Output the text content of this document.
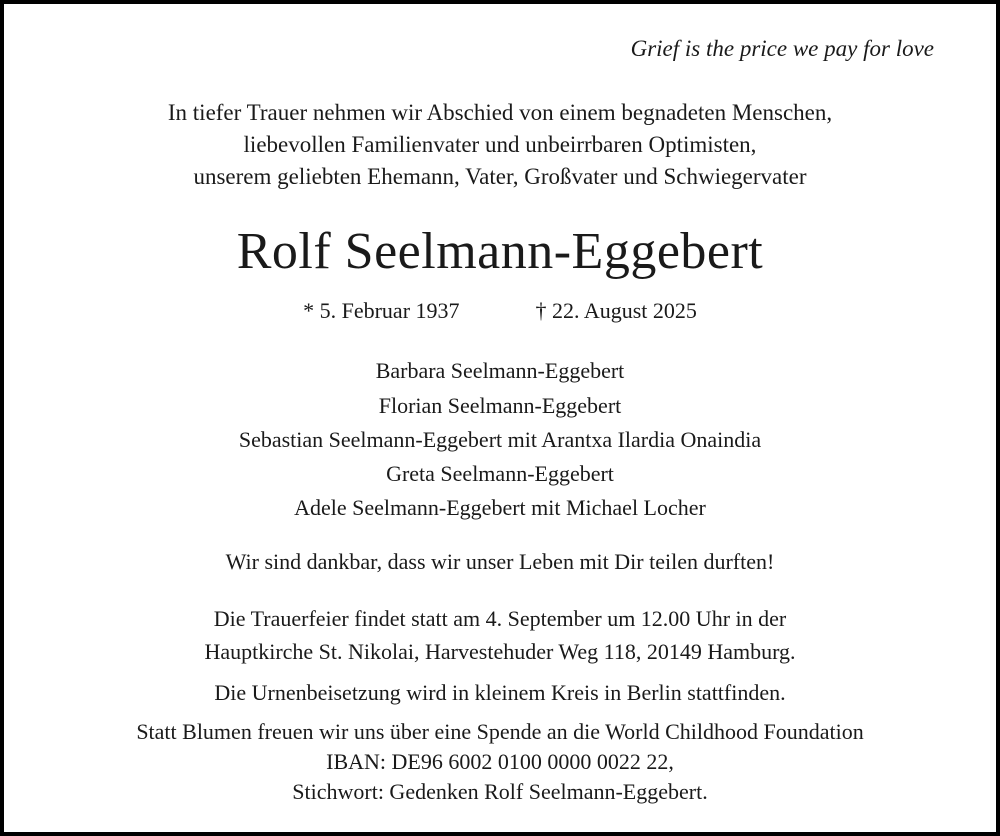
Grief is the price we pay for love
In tiefer Trauer nehmen wir Abschied von einem begnadeten Menschen,
liebevollen Familienvater und unbeirrbaren Optimisten,
unserem geliebten Ehemann, Vater, Großvater und Schwiegervater
Rolf Seelmann-Eggebert
* 5. Februar 1937	† 22. August 2025
Barbara Seelmann-Eggebert
Florian Seelmann-Eggebert
Sebastian Seelmann-Eggebert mit Arantxa Ilardia Onaindia
Greta Seelmann-Eggebert
Adele Seelmann-Eggebert mit Michael Locher
Wir sind dankbar, dass wir unser Leben mit Dir teilen durften!
Die Trauerfeier findet statt am 4. September um 12.00 Uhr in der
Hauptkirche St. Nikolai, Harvestehuder Weg 118, 20149 Hamburg.
Die Urnenbeisetzung wird in kleinem Kreis in Berlin stattfinden.
Statt Blumen freuen wir uns über eine Spende an die World Childhood Foundation
IBAN: DE96 6002 0100 0000 0022 22,
Stichwort: Gedenken Rolf Seelmann-Eggebert.
